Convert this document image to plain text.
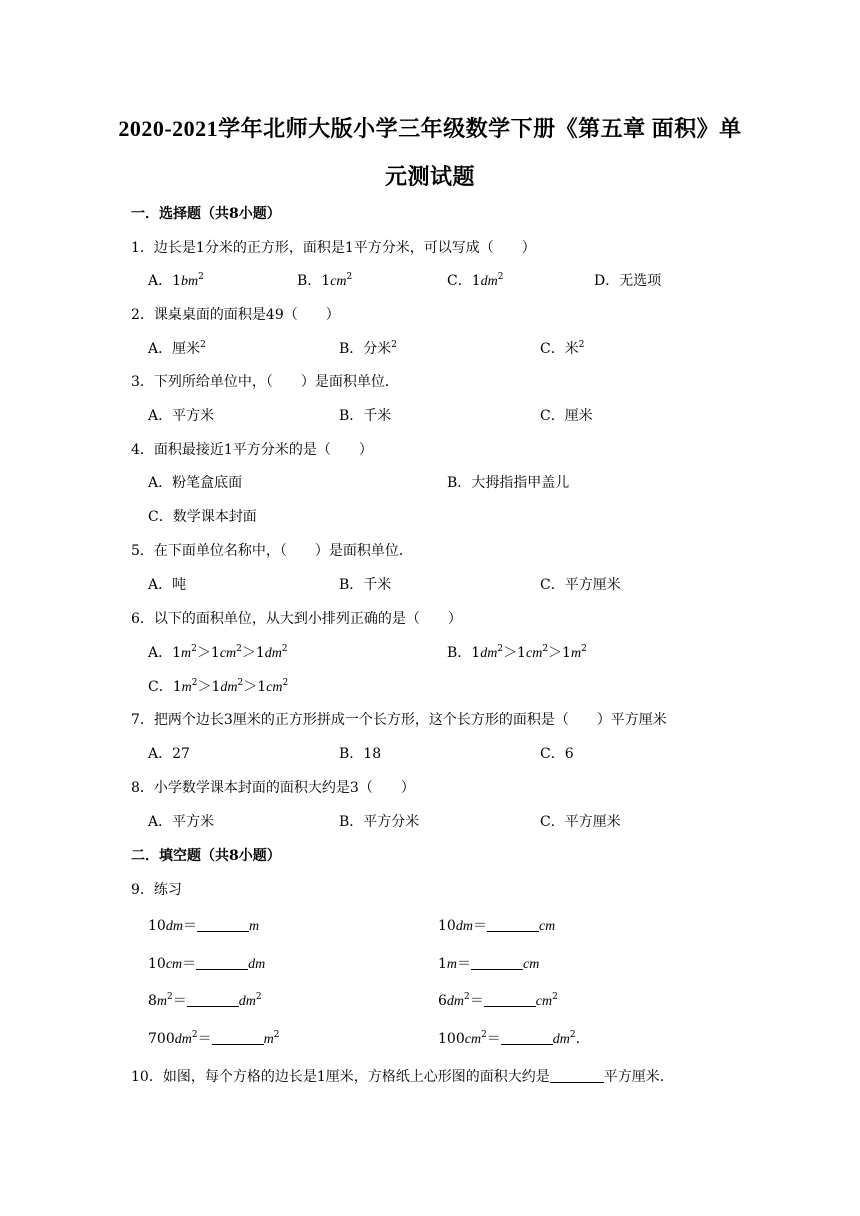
2020-2021学年北师大版小学三年级数学下册《第五章 面积》单
元测试题
一．选择题（共8小题）
1．边长是1分米的正方形，面积是1平方分米，可以写成（　　）
A．$1bm^2$	B．$1cm^2$	C．$1dm^2$	D．无选项
2．课桌桌面的面积是49（　　）
A．厘米$^2$	B．分米$^2$	C．米$^2$
3．下列所给单位中，（　　）是面积单位．
A．平方米	B．千米	C．厘米
4．面积最接近1平方分米的是（　　）
A．粉笔盒底面	B．大拇指指甲盖儿
C．数学课本封面
5．在下面单位名称中，（　　）是面积单位．
A．吨	B．千米	C．平方厘米
6．以下的面积单位，从大到小排列正确的是（　　）
A．$1m^2>1cm^2>1dm^2$	B．$1dm^2>1cm^2>1m^2$
C．$1m^2>1dm^2>1cm^2$
7．把两个边长3厘米的正方形拼成一个长方形，这个长方形的面积是（　　）平方厘米
A．27	B．18	C．6
8．小学数学课本封面的面积大约是3（　　）
A．平方米	B．平方分米	C．平方厘米
二．填空题（共8小题）
9．练习
10dm＝	m	10dm＝	cm
10cm＝	dm	1m＝	cm
$8m^2=$	$dm^2$	$6dm^2=$	$cm^2$
$700dm^2=$	$m^2$	$100cm^2=$	$dm^2$.
10．如图，每个方格的边长是1厘米，方格纸上心形图的面积大约是	平方厘米．
